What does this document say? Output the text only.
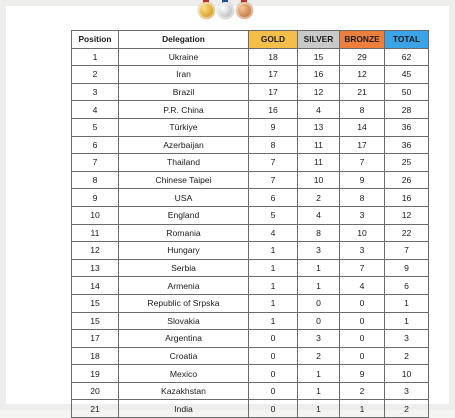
Position	Delegation	GOLD	SILVER	BRONZE	TOTAL
1	Ukraine	18	15	29	62
2	Iran	17	16	12	45
3	Brazil	17	12	21	50
4	P.R. China	16	4	8	28
5	Türkiye	9	13	14	36
6	Azerbaijan	8	11	17	36
7	Thailand	7	11	7	25
8	Chinese Taipei	7	10	9	26
9	USA	6	2	8	16
10	England	5	4	3	12
11	Romania	4	8	10	22
12	Hungary	1	3	3	7
13	Serbia	1	1	7	9
14	Armenia	1	1	4	6
15	Republic of Srpska	1	0	0	1
15	Slovakia	1	0	0	1
17	Argentina	0	3	0	3
18	Croatia	0	2	0	2
19	Mexico	0	1	9	10
20	Kazakhstan	0	1	2	3
21	India	0	1	1	2
